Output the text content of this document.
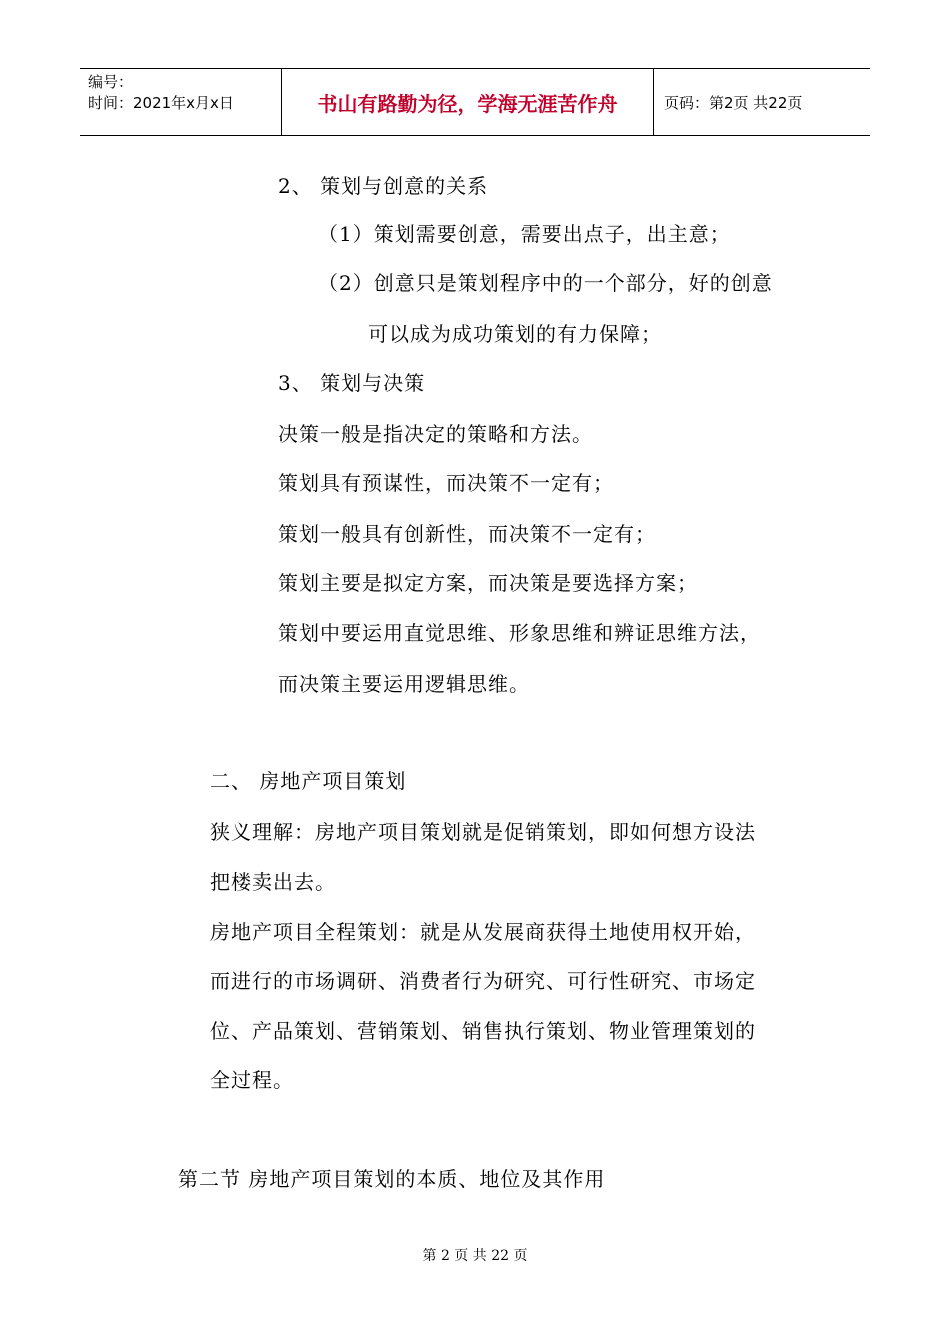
编号：
时间：2021年x月x日	书山有路勤为径，学海无涯苦作舟	页码：第2页 共22页
2、 策划与创意的关系
（1）策划需要创意，需要出点子，出主意；
（2）创意只是策划程序中的一个部分，好的创意
可以成为成功策划的有力保障；
3、 策划与决策
决策一般是指决定的策略和方法。
策划具有预谋性，而决策不一定有；
策划一般具有创新性，而决策不一定有；
策划主要是拟定方案，而决策是要选择方案；
策划中要运用直觉思维、形象思维和辨证思维方法，
而决策主要运用逻辑思维。
二、 房地产项目策划
狭义理解：房地产项目策划就是促销策划，即如何想方设法
把楼卖出去。
房地产项目全程策划：就是从发展商获得土地使用权开始，
而进行的市场调研、消费者行为研究、可行性研究、市场定
位、产品策划、营销策划、销售执行策划、物业管理策划的
全过程。
第二节 房地产项目策划的本质、地位及其作用
第 2 页 共 22 页
